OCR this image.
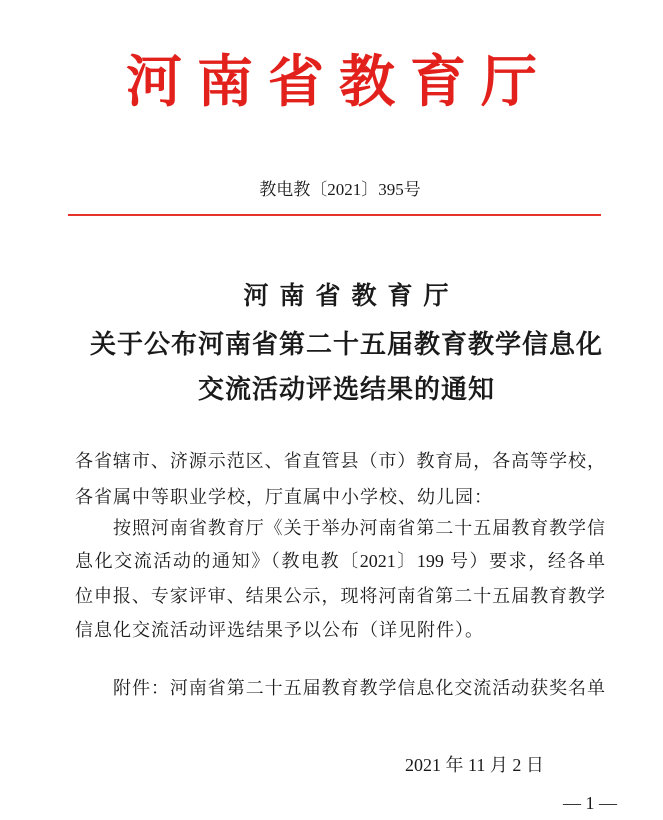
河南省教育厅
教电教〔2021〕395号
河南省教育厅
关于公布河南省第二十五届教育教学信息化
交流活动评选结果的通知
各省辖市、济源示范区、省直管县（市）教育局，各高等学校，
各省属中等职业学校，厅直属中小学校、幼儿园：
按照河南省教育厅《关于举办河南省第二十五届教育教学信
息化交流活动的通知》（教电教〔2021〕199 号）要求，经各单
位申报、专家评审、结果公示，现将河南省第二十五届教育教学
信息化交流活动评选结果予以公布（详见附件）。
附件：河南省第二十五届教育教学信息化交流活动获奖名单
2021 年 11 月 2 日
— 1 —
